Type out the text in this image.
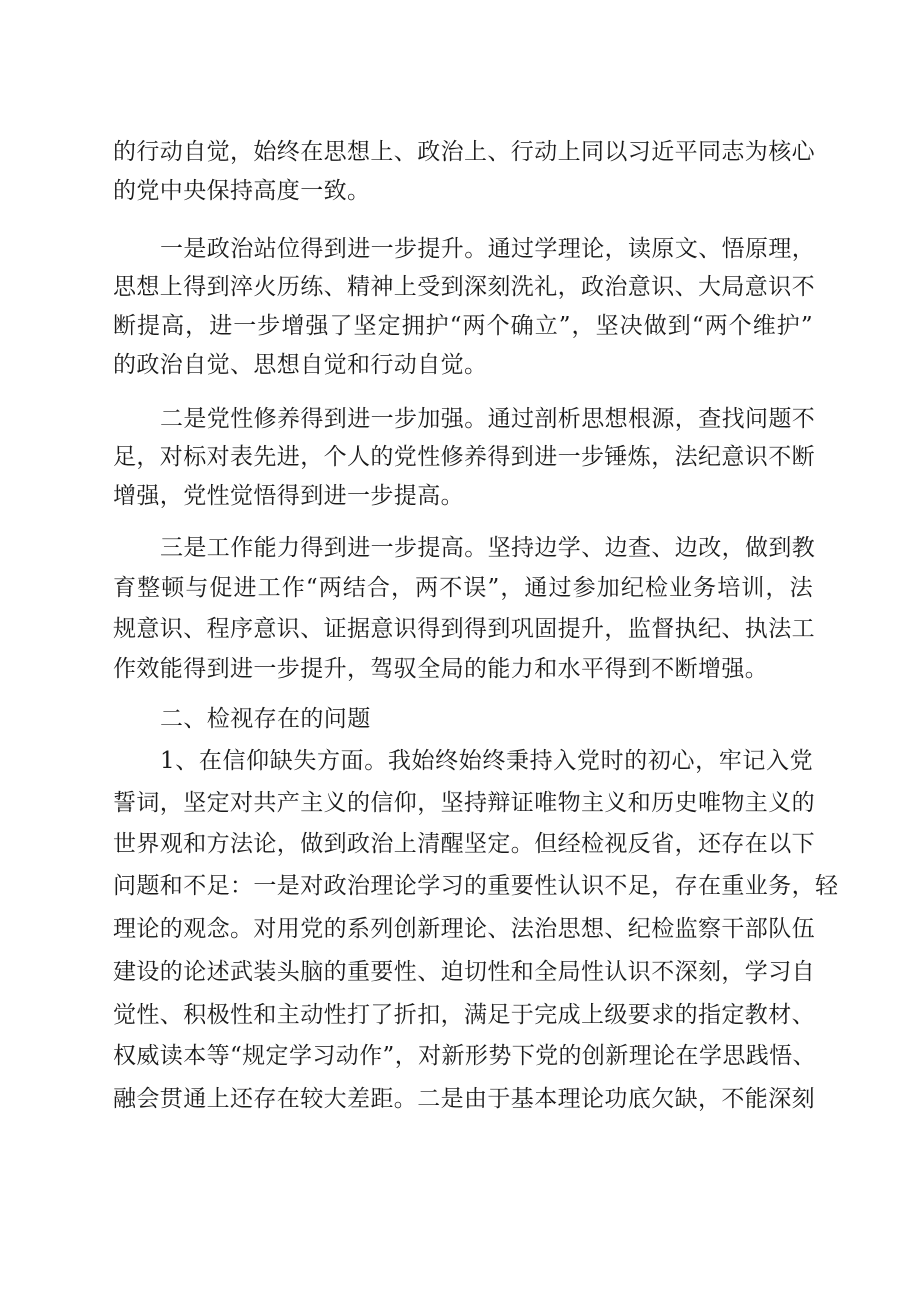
的行动自觉，始终在思想上、政治上、行动上同以习近平同志为核心
的党中央保持高度一致。
一是政治站位得到进一步提升。通过学理论，读原文、悟原理，
思想上得到淬火历练、精神上受到深刻洗礼，政治意识、大局意识不
断提高，进一步增强了坚定拥护“两个确立”，坚决做到“两个维护”
的政治自觉、思想自觉和行动自觉。
二是党性修养得到进一步加强。通过剖析思想根源，查找问题不
足，对标对表先进，个人的党性修养得到进一步锤炼，法纪意识不断
增强，党性觉悟得到进一步提高。
三是工作能力得到进一步提高。坚持边学、边查、边改，做到教
育整顿与促进工作“两结合，两不误”，通过参加纪检业务培训，法
规意识、程序意识、证据意识得到得到巩固提升，监督执纪、执法工
作效能得到进一步提升，驾驭全局的能力和水平得到不断增强。
二、检视存在的问题
1、在信仰缺失方面。我始终始终秉持入党时的初心，牢记入党
誓词，坚定对共产主义的信仰，坚持辩证唯物主义和历史唯物主义的
世界观和方法论，做到政治上清醒坚定。但经检视反省，还存在以下
问题和不足：一是对政治理论学习的重要性认识不足，存在重业务，轻
理论的观念。对用党的系列创新理论、法治思想、纪检监察干部队伍
建设的论述武装头脑的重要性、迫切性和全局性认识不深刻，学习自
觉性、积极性和主动性打了折扣，满足于完成上级要求的指定教材、
权威读本等“规定学习动作”，对新形势下党的创新理论在学思践悟、
融会贯通上还存在较大差距。二是由于基本理论功底欠缺，不能深刻
